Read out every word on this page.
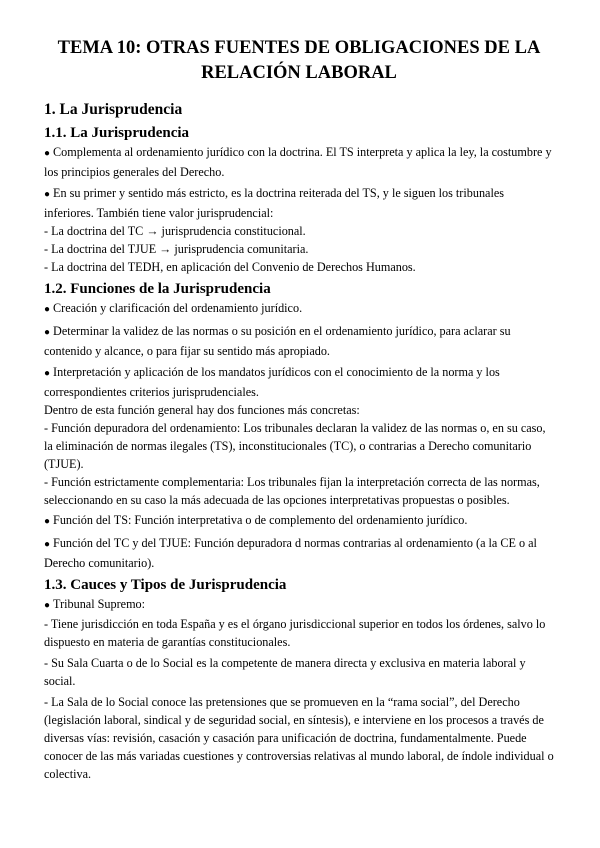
TEMA 10: OTRAS FUENTES DE OBLIGACIONES DE LA
RELACIÓN LABORAL
1. La Jurisprudencia
1.1. La Jurisprudencia

● Complementa al ordenamiento jurídico con la doctrina. El TS interpreta y aplica la ley, la costumbre y los principios generales del Derecho.

● En su primer y sentido más estricto, es la doctrina reiterada del TS, y le siguen los tribunales inferiores. También tiene valor jurisprudencial:

- La doctrina del TC → jurisprudencia constitucional.

- La doctrina del TJUE → jurisprudencia comunitaria.

- La doctrina del TEDH, en aplicación del Convenio de Derechos Humanos.

1.2. Funciones de la Jurisprudencia

● Creación y clarificación del ordenamiento jurídico.

● Determinar la validez de las normas o su posición en el ordenamiento jurídico, para aclarar su contenido y alcance, o para fijar su sentido más apropiado.

● Interpretación y aplicación de los mandatos jurídicos con el conocimiento de la norma y los correspondientes criterios jurisprudenciales.

Dentro de esta función general hay dos funciones más concretas:

- Función depuradora del ordenamiento: Los tribunales declaran la validez de las normas o, en su caso, la eliminación de normas ilegales (TS), inconstitucionales (TC), o contrarias a Derecho comunitario (TJUE).

- Función estrictamente complementaria: Los tribunales fijan la interpretación correcta de las normas, seleccionando en su caso la más adecuada de las opciones interpretativas propuestas o posibles.

● Función del TS: Función interpretativa o de complemento del ordenamiento jurídico.

● Función del TC y del TJUE: Función depuradora d normas contrarias al ordenamiento (a la CE o al Derecho comunitario).

1.3. Cauces y Tipos de Jurisprudencia

● Tribunal Supremo:

- Tiene jurisdicción en toda España y es el órgano jurisdiccional superior en todos los órdenes, salvo lo dispuesto en materia de garantías constitucionales.

- Su Sala Cuarta o de lo Social es la competente de manera directa y exclusiva en materia laboral y social.

- La Sala de lo Social conoce las pretensiones que se promueven en la “rama social”, del Derecho (legislación laboral, sindical y de seguridad social, en síntesis), e interviene en los procesos a través de diversas vías: revisión, casación y casación para unificación de doctrina, fundamentalmente. Puede conocer de las más variadas cuestiones y controversias relativas al mundo laboral, de índole individual o colectiva.
